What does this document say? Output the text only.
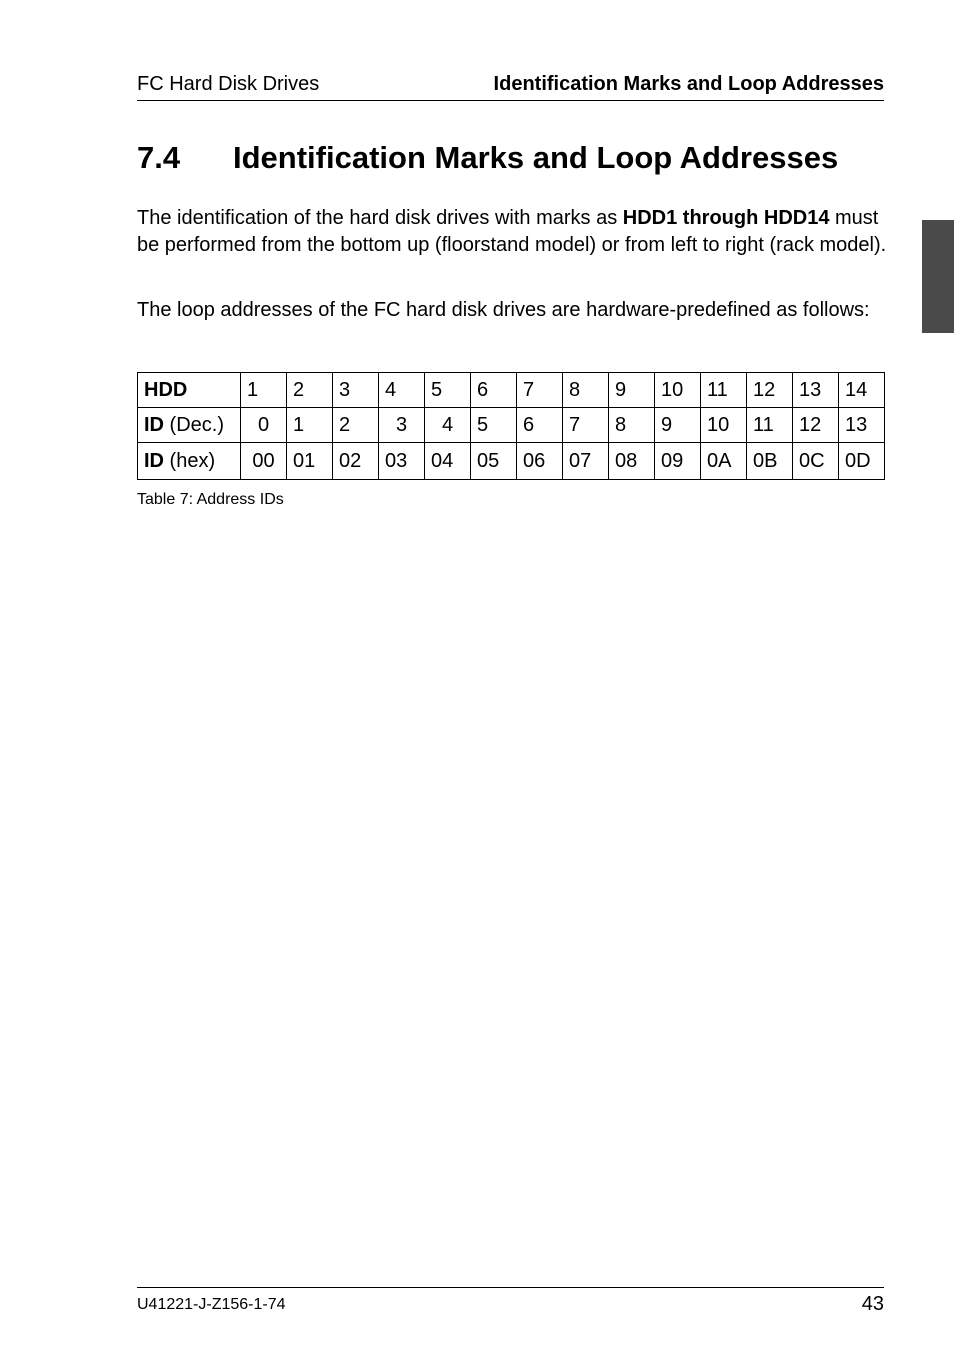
FC Hard Disk Drives	Identification Marks and Loop Addresses
7.4 Identification Marks and Loop Addresses
The identification of the hard disk drives with marks as HDD1 through HDD14 must be performed from the bottom up (floorstand model) or from left to right (rack model).
The loop addresses of the FC hard disk drives are hardware-predefined as follows:
HDD	1	2	3	4	5	6	7	8	9	10	11	12	13	14
ID (Dec.)	0	1	2	3	4	5	6	7	8	9	10	11	12	13
ID (hex)	00	01	02	03	04	05	06	07	08	09	0A	0B	0C	0D
Table 7: Address IDs
U41221-J-Z156-1-74	43
